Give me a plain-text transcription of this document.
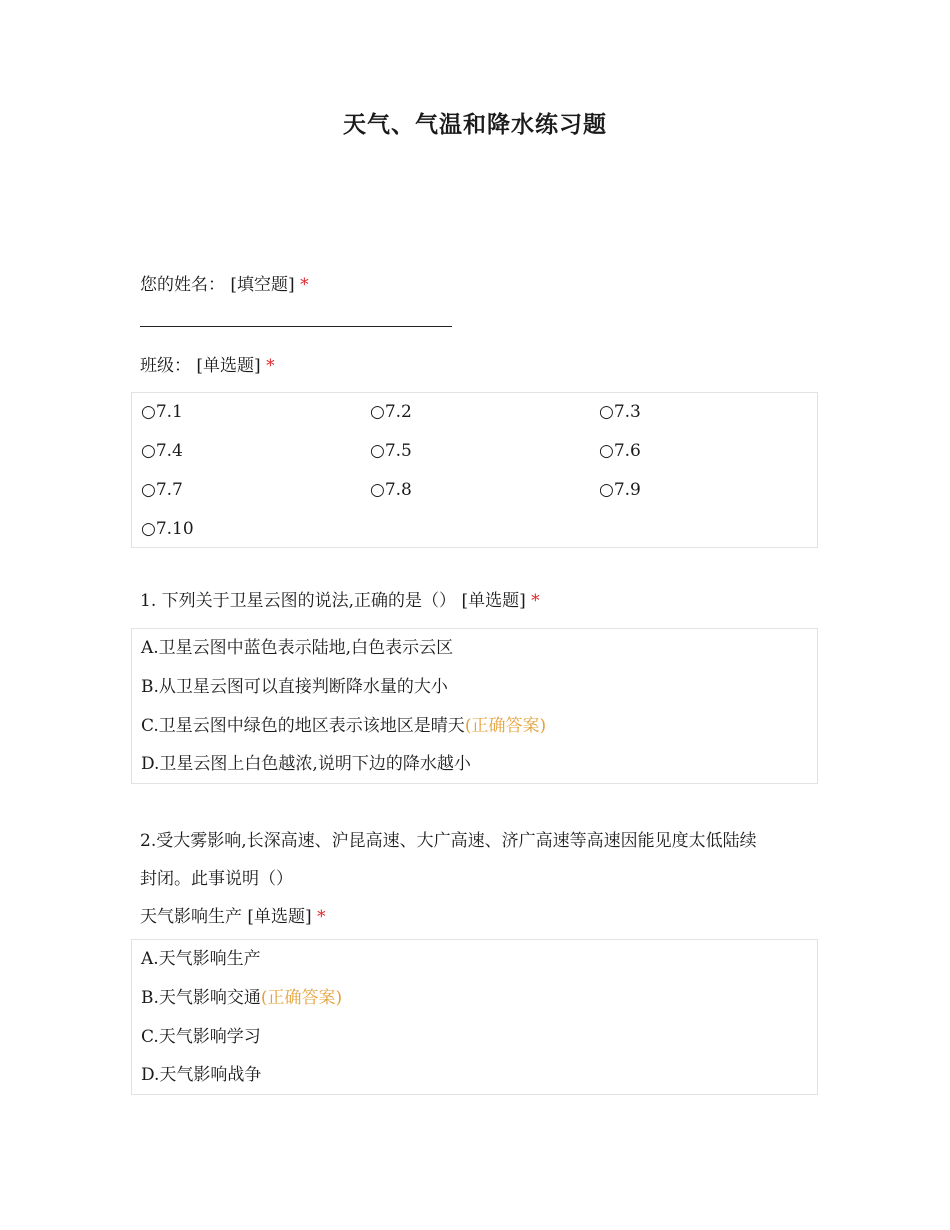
天气、气温和降水练习题
您的姓名： [填空题] *
班级： [单选题] *
○7.1	○7.2	○7.3
○7.4	○7.5	○7.6
○7.7	○7.8	○7.9
○7.10
1. 下列关于卫星云图的说法,正确的是（） [单选题] *
A.卫星云图中蓝色表示陆地,白色表示云区
B.从卫星云图可以直接判断降水量的大小
C.卫星云图中绿色的地区表示该地区是晴天(正确答案)
D.卫星云图上白色越浓,说明下边的降水越小
2.受大雾影响,长深高速、沪昆高速、大广高速、济广高速等高速因能见度太低陆续
封闭。此事说明（）
天气影响生产 [单选题] *
A.天气影响生产
B.天气影响交通(正确答案)
C.天气影响学习
D.天气影响战争
